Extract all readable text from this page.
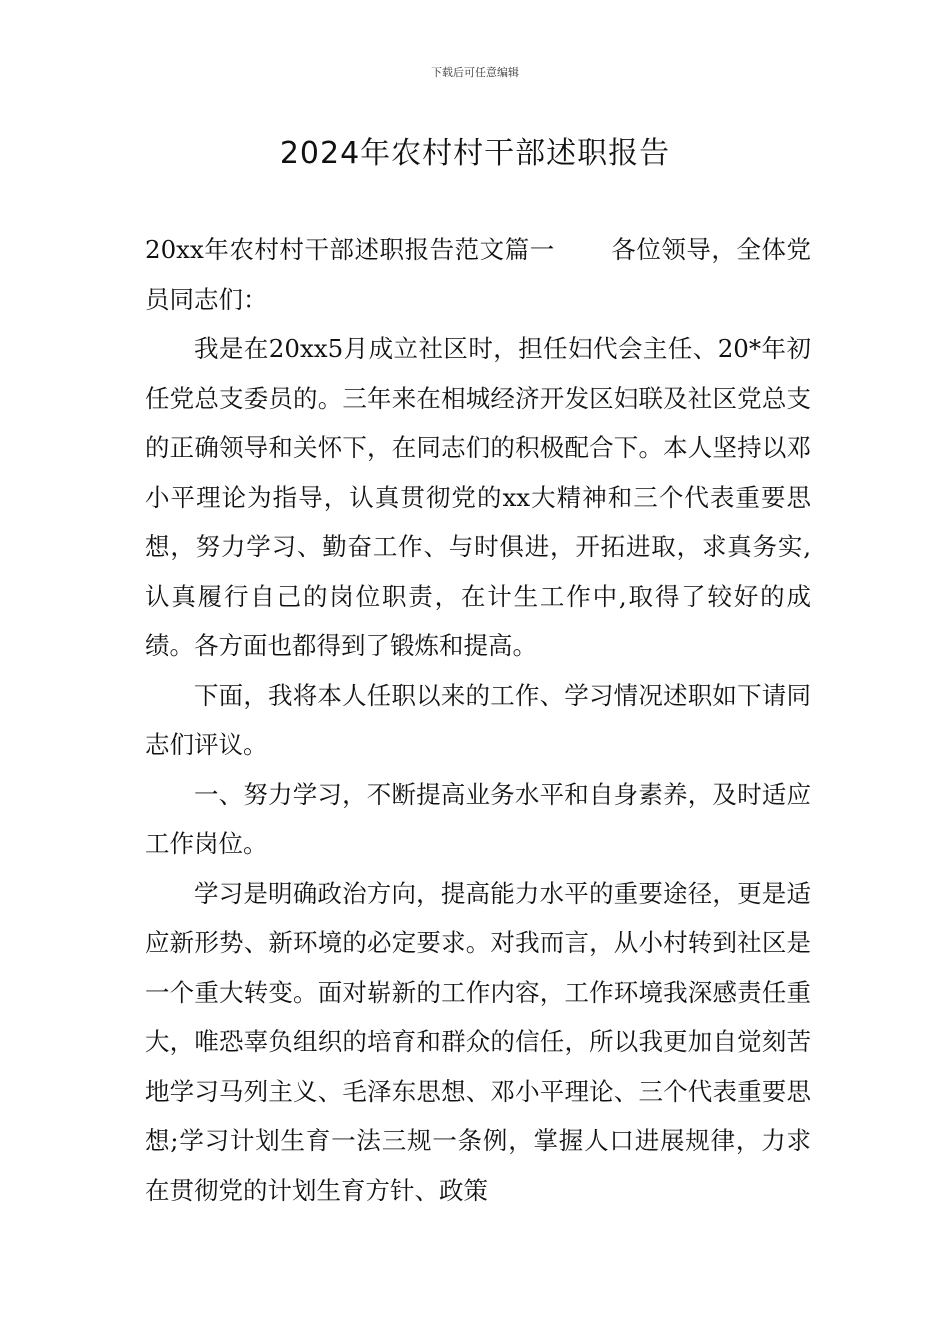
下载后可任意编辑
2024年农村村干部述职报告

20xx年农村村干部述职报告范文篇一 各位领导，全体党员同志们：

我是在20xx5月成立社区时，担任妇代会主任、20*年初任党总支委员的。三年来在相城经济开发区妇联及社区党总支的正确领导和关怀下，在同志们的积极配合下。本人坚持以邓小平理论为指导，认真贯彻党的xx大精神和三个代表重要思想，努力学习、勤奋工作、与时俱进，开拓进取，求真务实,认真履行自己的岗位职责，在计生工作中,取得了较好的成绩。各方面也都得到了锻炼和提高。

下面，我将本人任职以来的工作、学习情况述职如下请同志们评议。

一、努力学习，不断提高业务水平和自身素养，及时适应工作岗位。

学习是明确政治方向，提高能力水平的重要途径，更是适应新形势、新环境的必定要求。对我而言，从小村转到社区是一个重大转变。面对崭新的工作内容，工作环境我深感责任重大，唯恐辜负组织的培育和群众的信任，所以我更加自觉刻苦地学习马列主义、毛泽东思想、邓小平理论、三个代表重要思想;学习计划生育一法三规一条例，掌握人口进展规律，力求在贯彻党的计划生育方针、政策
